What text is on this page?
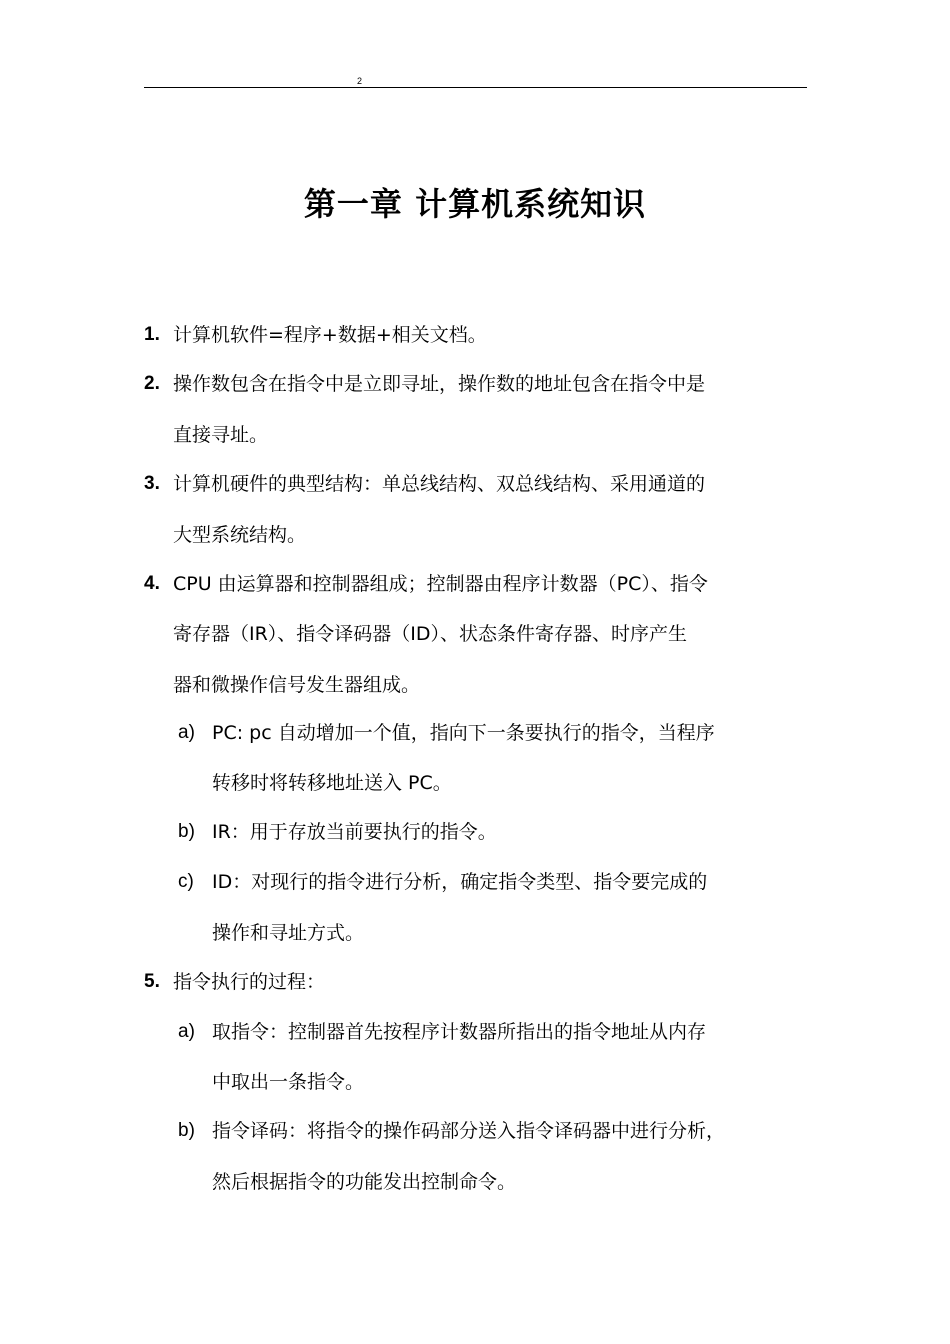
2
第一章 计算机系统知识
1. 计算机软件=程序+数据+相关文档。
2. 操作数包含在指令中是立即寻址，操作数的地址包含在指令中是
直接寻址。
3. 计算机硬件的典型结构：单总线结构、双总线结构、采用通道的
大型系统结构。
4. CPU 由运算器和控制器组成；控制器由程序计数器（PC）、指令
寄存器（IR）、指令译码器（ID）、状态条件寄存器、时序产生
器和微操作信号发生器组成。
a) PC: pc 自动增加一个值，指向下一条要执行的指令，当程序
转移时将转移地址送入 PC。
b) IR：用于存放当前要执行的指令。
c) ID：对现行的指令进行分析，确定指令类型、指令要完成的
操作和寻址方式。
5. 指令执行的过程：
a) 取指令：控制器首先按程序计数器所指出的指令地址从内存
中取出一条指令。
b) 指令译码：将指令的操作码部分送入指令译码器中进行分析，
然后根据指令的功能发出控制命令。
